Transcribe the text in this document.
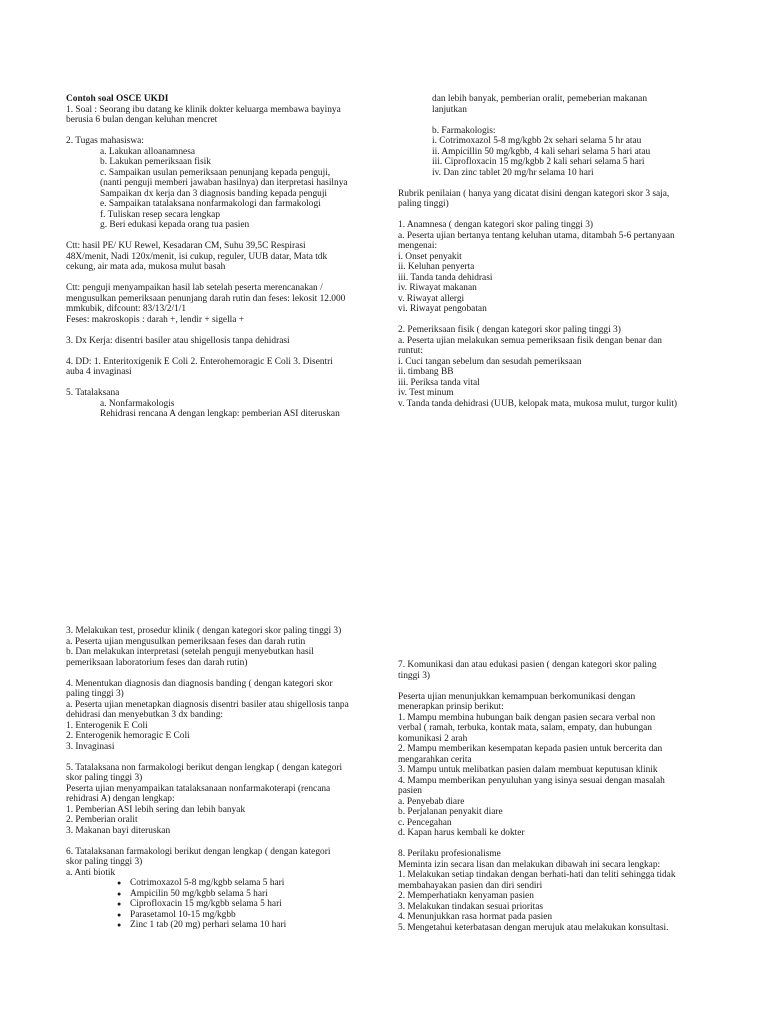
Contoh soal OSCE UKDI

1. Soal : Seorang ibu datang ke klinik dokter keluarga membawa bayinya

berusia 6 bulan dengan keluhan mencret

2. Tugas mahasiswa:

a. Lakukan alloanamnesa

b. Lakukan pemeriksaan fisik

c. Sampaikan usulan pemeriksaan penunjang kepada penguji,

(nanti penguji memberi jawaban hasilnya) dan iterpretasi hasilnya

Sampaikan dx kerja dan 3 diagnosis banding kepada penguji

e. Sampaikan tatalaksana nonfarmakologi dan farmakologi

f. Tuliskan resep secara lengkap

g. Beri edukasi kepada orang tua pasien

Ctt: hasil PE/ KU Rewel, Kesadaran CM, Suhu 39,5C Respirasi

48X/menit, Nadi 120x/menit, isi cukup, reguler, UUB datar, Mata tdk

cekung, air mata ada, mukosa mulut basah

Ctt: penguji menyampaikan hasil lab setelah peserta merencanakan /

mengusulkan pemeriksaan penunjang darah rutin dan feses: lekosit 12.000

mmkubik, difcount: 83/13/2/1/1

Feses: makroskopis : darah +, lendir + sigella +

3. Dx Kerja: disentri basiler atau shigellosis tanpa dehidrasi

4. DD: 1. Enteritoxigenik E Coli 2. Enterohemoragic E Coli 3. Disentri

auba 4 invaginasi

5. Tatalaksana

a. Nonfarmakologis

Rehidrasi rencana A dengan lengkap: pemberian ASI diteruskan

dan lebih banyak, pemberian oralit, pemeberian makanan

lanjutkan

b. Farmakologis:

i. Cotrimoxazol 5-8 mg/kgbb 2x sehari selama 5 hr atau

ii. Ampicillin 50 mg/kgbb, 4 kali sehari selama 5 hari atau

iii. Ciprofloxacin 15 mg/kgbb 2 kali sehari selama 5 hari

iv. Dan zinc tablet 20 mg/hr selama 10 hari

Rubrik penilaian ( hanya yang dicatat disini dengan kategori skor 3 saja,

paling tinggi)

1. Anamnesa ( dengan kategori skor paling tinggi 3)

a. Peserta ujian bertanya tentang keluhan utama, ditambah 5-6 pertanyaan

mengenai:

i. Onset penyakit

ii. Keluhan penyerta

iii. Tanda tanda dehidrasi

iv. Riwayat makanan

v. Riwayat allergi

vi. Riwayat pengobatan

2. Pemeriksaan fisik ( dengan kategori skor paling tinggi 3)

a. Peserta ujian melakukan semua pemeriksaan fisik dengan benar dan

runtut:

i. Cuci tangan sebelum dan sesudah pemeriksaan

ii. timbang BB

iii. Periksa tanda vital

iv. Test minum

v. Tanda tanda dehidrasi (UUB, kelopak mata, mukosa mulut, turgor kulit)

3. Melakukan test, prosedur klinik ( dengan kategori skor paling tinggi 3)

a. Peserta ujian mengusulkan pemeriksaan feses dan darah rutin

b. Dan melakukan interpretasi (setelah penguji menyebutkan hasil

pemeriksaan laboratorium feses dan darah rutin)

4. Menentukan diagnosis dan diagnosis banding ( dengan kategori skor

paling tinggi 3)

a. Peserta ujian menetapkan diagnosis disentri basiler atau shigellosis tanpa

dehidrasi dan menyebutkan 3 dx banding:

1. Enterogenik E Coli

2. Enterogenik hemoragic E Coli

3. Invaginasi

5. Tatalaksana non farmakologi berikut dengan lengkap ( dengan kategori

skor paling tinggi 3)

Peserta ujian menyampaikan tatalaksanaan nonfarmakoterapi (rencana

rehidrasi A) dengan lengkap:

1. Pemberian ASI lebih sering dan lebih banyak

2. Pemberian oralit

3. Makanan bayi diteruskan

6. Tatalaksanan farmakologi berikut dengan lengkap ( dengan kategori

skor paling tinggi 3)

a. Anti biotik

● Cotrimoxazol 5-8 mg/kgbb selama 5 hari

● Ampicilin 50 mg/kgbb selama 5 hari

● Ciprofloxacin 15 mg/kgbb selama 5 hari

● Parasetamol 10-15 mg/kgbb

● Zinc 1 tab (20 mg) perhari selama 10 hari

7. Komunikasi dan atau edukasi pasien ( dengan kategori skor paling

tinggi 3)

Peserta ujian menunjukkan kemampuan berkomunikasi dengan

menerapkan prinsip berikut:

1. Mampu membina hubungan baik dengan pasien secara verbal non

verbal ( ramah, terbuka, kontak mata, salam, empaty, dan hubungan

komunikasi 2 arah

2. Mampu memberikan kesempatan kepada pasien untuk bercerita dan

mengarahkan cerita

3. Mampu untuk melibatkan pasien dalam membuat keputusan klinik

4. Mampu memberikan penyuluhan yang isinya sesuai dengan masalah

pasien

a. Penyebab diare

b. Perjalanan penyakit diare

c. Pencegahan

d. Kapan harus kembali ke dokter

8. Perilaku profesionalisme

Meminta izin secara lisan dan melakukan dibawah ini secara lengkap:

1. Melakukan setiap tindakan dengan berhati-hati dan teliti sehingga tidak

membahayakan pasien dan diri sendiri

2. Memperhatiakn kenyaman pasien

3. Melakukan tindakan sesuai prioritas

4. Menunjukkan rasa hormat pada pasien

5. Mengetahui keterbatasan dengan merujuk atau melakukan konsultasi.
